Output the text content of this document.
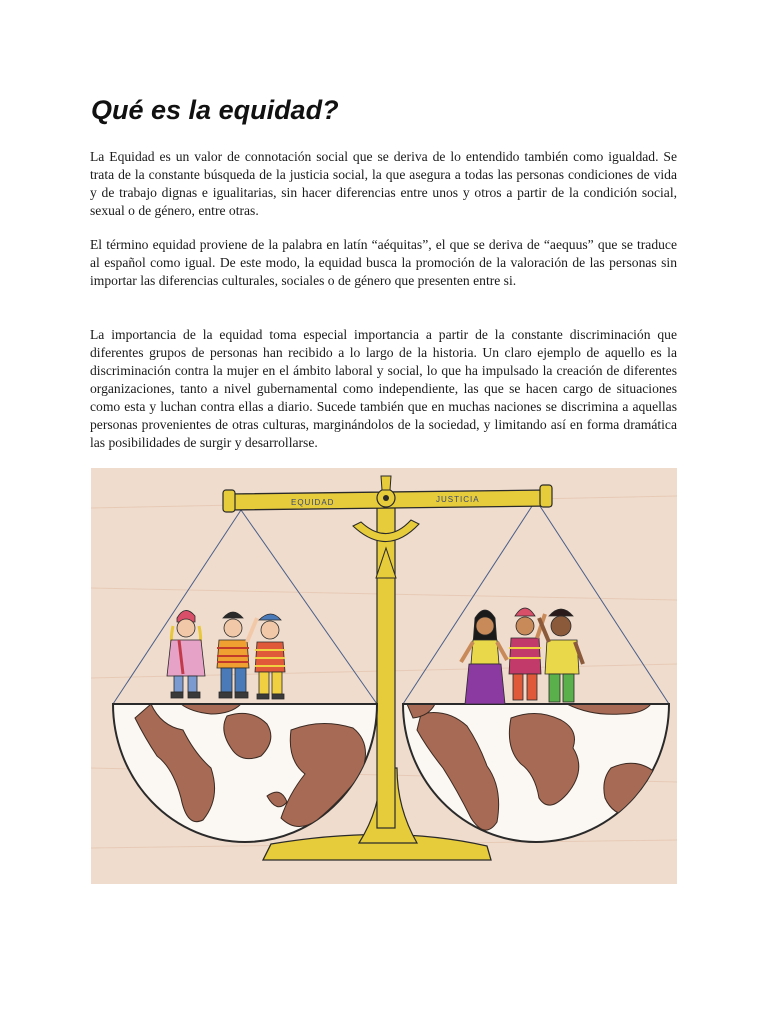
Qué es la equidad?

La Equidad es un valor de connotación social que se deriva de lo entendido también como igualdad. Se trata de la constante búsqueda de la justicia social, la que asegura a todas las personas condiciones de vida y de trabajo dignas e igualitarias, sin hacer diferencias entre unos y otros a partir de la condición social, sexual o de género, entre otras.

El término equidad proviene de la palabra en latín “aéquitas”, el que se deriva de “aequus” que se traduce al español como igual. De este modo, la equidad busca la promoción de la valoración de las personas sin importar las diferencias culturales, sociales o de género que presenten entre si.

La importancia de la equidad toma especial importancia a partir de la constante discriminación que diferentes grupos de personas han recibido a lo largo de la historia. Un claro ejemplo de aquello es la discriminación contra la mujer en el ámbito laboral y social, lo que ha impulsado la creación de diferentes organizaciones, tanto a nivel gubernamental como independiente, las que se hacen cargo de situaciones como esta y luchan contra ellas a diario. Sucede también que en muchas naciones se discrimina a aquellas personas provenientes de otras culturas, marginándolos de la sociedad, y limitando así en forma dramática las posibilidades de surgir y desarrollarse.

EQUIDAD	JUSTICIA
